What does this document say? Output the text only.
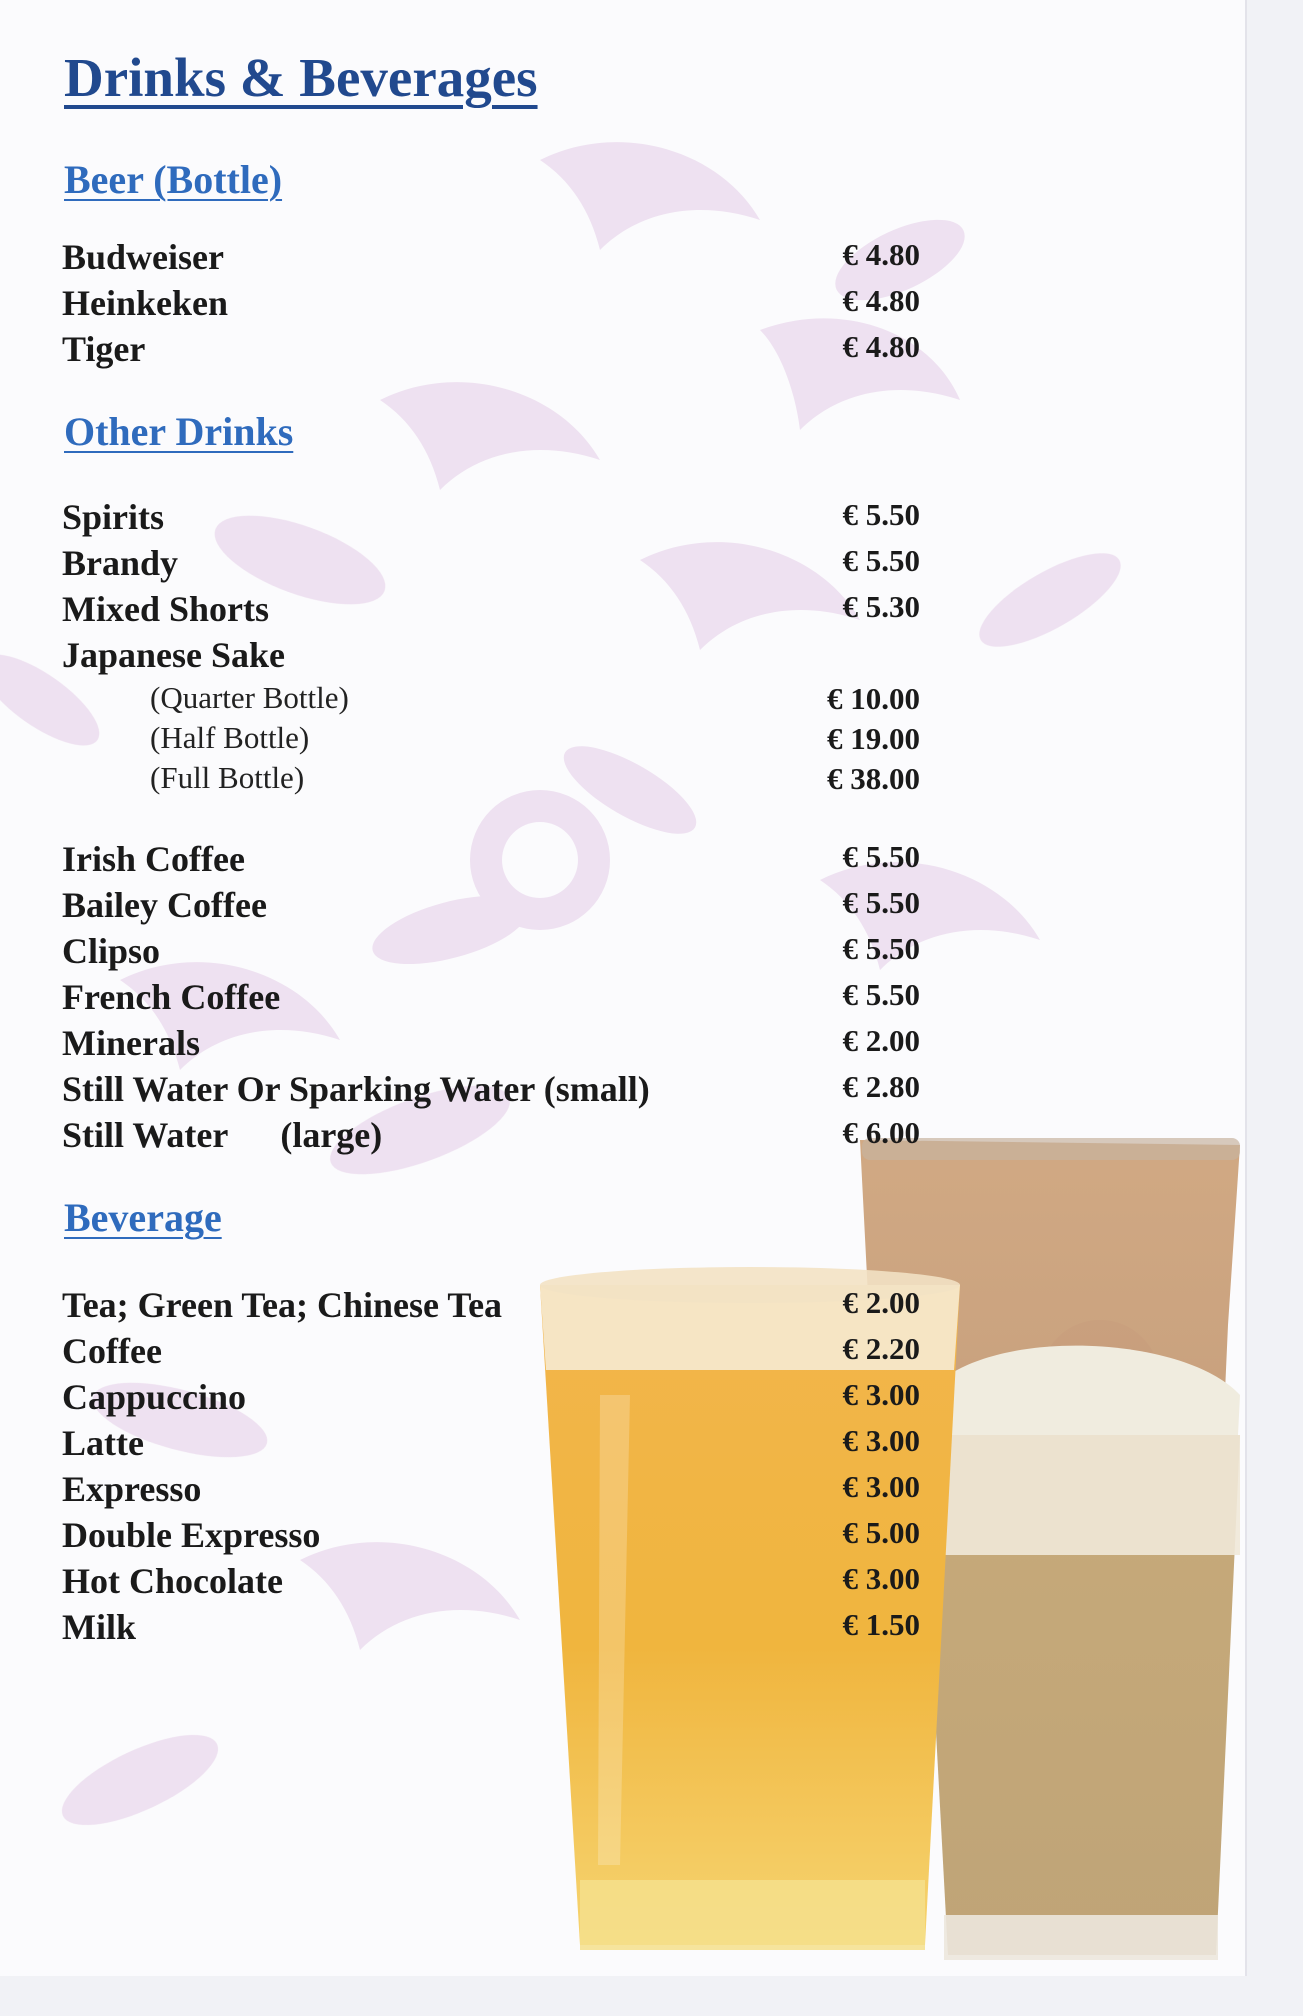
Drinks & Beverages
Beer (Bottle)
Budweiser	€ 4.80
Heinkeken	€ 4.80
Tiger	€ 4.80
Other Drinks
Spirits	€ 5.50
Brandy	€ 5.50
Mixed Shorts	€ 5.30
Japanese Sake
(Quarter Bottle)	€ 10.00
(Half Bottle)	€ 19.00
(Full Bottle)	€ 38.00
Irish Coffee	€ 5.50
Bailey Coffee	€ 5.50
Clipso	€ 5.50
French Coffee	€ 5.50
Minerals	€ 2.00
Still Water Or Sparking Water (small)	€ 2.80
Still Water (large)	€ 6.00
Beverage
Tea; Green Tea; Chinese Tea	€ 2.00
Coffee	€ 2.20
Cappuccino	€ 3.00
Latte	€ 3.00
Expresso	€ 3.00
Double Expresso	€ 5.00
Hot Chocolate	€ 3.00
Milk	€ 1.50
